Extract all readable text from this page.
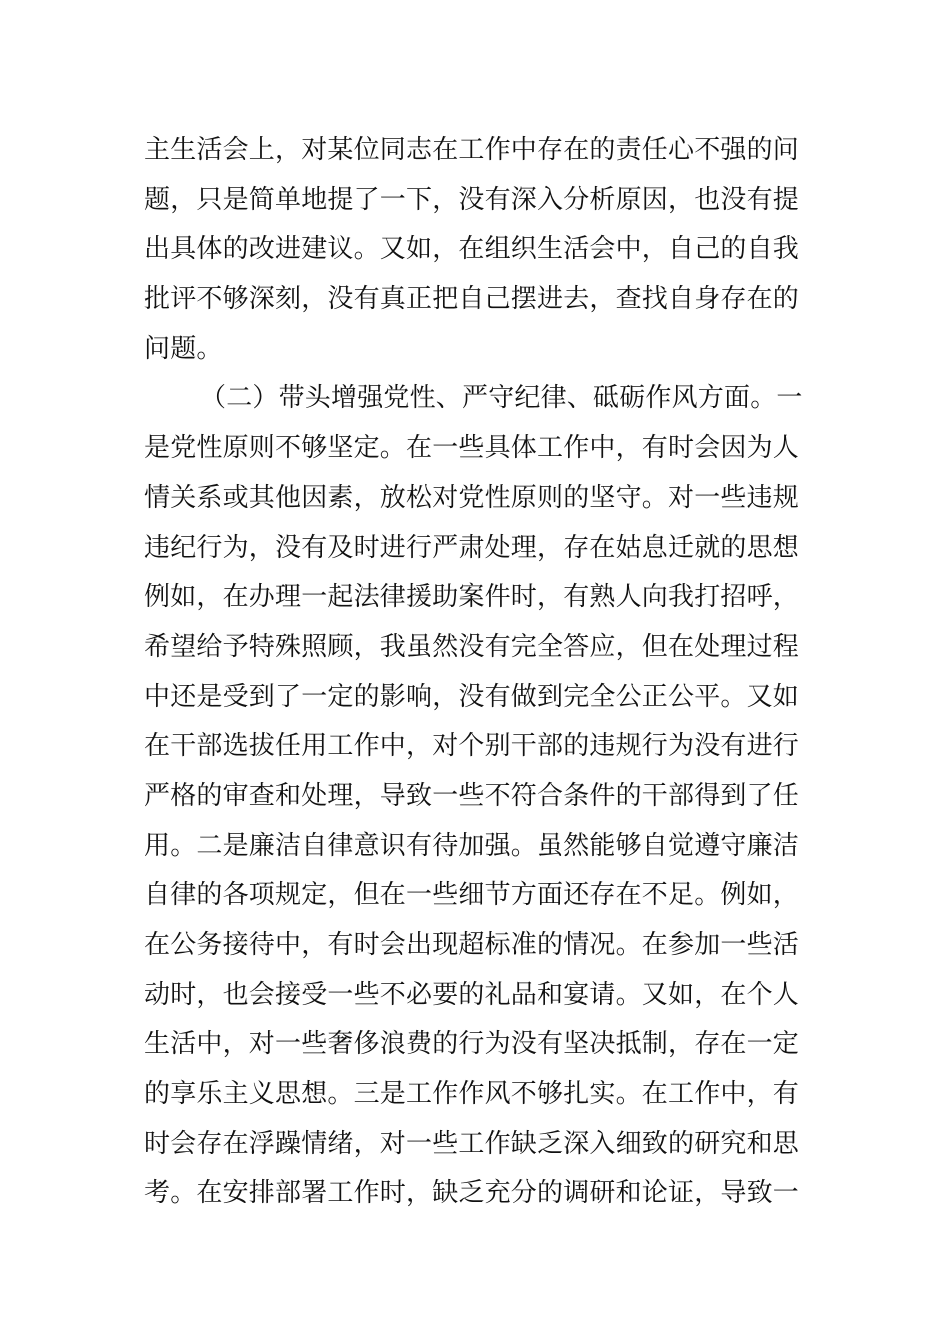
主生活会上，对某位同志在工作中存在的责任心不强的问
题，只是简单地提了一下，没有深入分析原因，也没有提
出具体的改进建议。又如，在组织生活会中，自己的自我
批评不够深刻，没有真正把自己摆进去，查找自身存在的
问题。
（二）带头增强党性、严守纪律、砥砺作风方面。一
是党性原则不够坚定。在一些具体工作中，有时会因为人
情关系或其他因素，放松对党性原则的坚守。对一些违规
违纪行为，没有及时进行严肃处理，存在姑息迁就的思想
例如，在办理一起法律援助案件时，有熟人向我打招呼，
希望给予特殊照顾，我虽然没有完全答应，但在处理过程
中还是受到了一定的影响，没有做到完全公正公平。又如
在干部选拔任用工作中，对个别干部的违规行为没有进行
严格的审查和处理，导致一些不符合条件的干部得到了任
用。二是廉洁自律意识有待加强。虽然能够自觉遵守廉洁
自律的各项规定，但在一些细节方面还存在不足。例如，
在公务接待中，有时会出现超标准的情况。在参加一些活
动时，也会接受一些不必要的礼品和宴请。又如，在个人
生活中，对一些奢侈浪费的行为没有坚决抵制，存在一定
的享乐主义思想。三是工作作风不够扎实。在工作中，有
时会存在浮躁情绪，对一些工作缺乏深入细致的研究和思
考。在安排部署工作时，缺乏充分的调研和论证，导致一
